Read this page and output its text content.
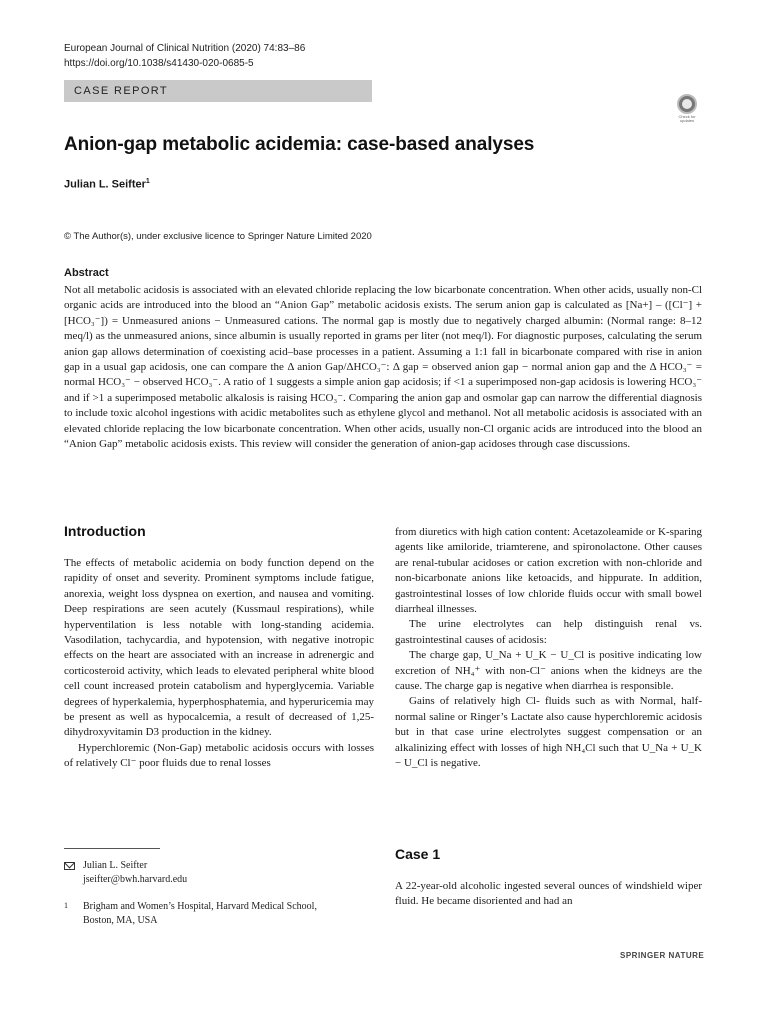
European Journal of Clinical Nutrition (2020) 74:83–86
https://doi.org/10.1038/s41430-020-0685-5
CASE REPORT
Check for updates
Anion-gap metabolic acidemia: case-based analyses
Julian L. Seifter$^1$
© The Author(s), under exclusive licence to Springer Nature Limited 2020
Abstract

Not all metabolic acidosis is associated with an elevated chloride replacing the low bicarbonate concentration. When other acids, usually non-Cl organic acids are introduced into the blood an “Anion Gap” metabolic acidosis exists. The serum anion gap is calculated as [Na+] – ([Cl⁻] + [HCO₃⁻]) = Unmeasured anions − Unmeasured cations. The normal gap is mostly due to negatively charged albumin: (Normal range: 8–12 meq/l) as the unmeasured anions, since albumin is usually reported in grams per liter (not meq/l). For diagnostic purposes, calculating the serum anion gap allows determination of coexisting acid–base processes in a patient. Assuming a 1:1 fall in bicarbonate compared with rise in anion gap in a usual gap acidosis, one can compare the Δ anion Gap/ΔHCO₃⁻: Δ gap = observed anion gap − normal anion gap and the Δ HCO₃⁻ = normal HCO₃⁻ − observed HCO₃⁻. A ratio of 1 suggests a simple anion gap acidosis; if <1 a superimposed non-gap acidosis is lowering HCO₃⁻ and if >1 a superimposed metabolic alkalosis is raising HCO₃⁻. Comparing the anion gap and osmolar gap can narrow the differential diagnosis to include toxic alcohol ingestions with acidic metabolites such as ethylene glycol and methanol. Not all metabolic acidosis is associated with an elevated chloride replacing the low bicarbonate concentration. When other acids, usually non-Cl organic acids are introduced into the blood an “Anion Gap” metabolic acidosis exists. This review will consider the generation of anion-gap acidoses through case discussions.

Introduction

The effects of metabolic acidemia on body function depend on the rapidity of onset and severity. Prominent symptoms include fatigue, anorexia, weight loss dyspnea on exertion, and nausea and vomiting. Deep respirations are seen acutely (Kussmaul respirations), while hyperventilation is less notable with long-standing acidemia. Vasodilation, tachycardia, and hypotension, with negative inotropic effects on the heart are associated with an increase in adrenergic and corticosteroid activity, which leads to elevated peripheral white blood cell count increased protein catabolism and hyperglycemia. Variable degrees of hyperkalemia, hyperphosphatemia, and hyperuricemia may be present as well as hypocalcemia, a result of decreased of 1,25-dihydroxyvitamin D3 production in the kidney.

Hyperchloremic (Non-Gap) metabolic acidosis occurs with losses of relatively Cl⁻ poor fluids due to renal losses

Julian L. Seifter
jseifter@bwh.harvard.edu
1 Brigham and Women’s Hospital, Harvard Medical School,
Boston, MA, USA

from diuretics with high cation content: Acetazoleamide or K-sparing agents like amiloride, triamterene, and spironolactone. Other causes are renal-tubular acidoses or cation excretion with non-chloride and non-bicarbonate anions like ketoacids, and hippurate. In addition, gastrointestinal losses of low chloride fluids occur with small bowel diarrheal illnesses.

The urine electrolytes can help distinguish renal vs. gastrointestinal causes of acidosis:

The charge gap, U_Na + U_K − U_Cl is positive indicating low excretion of NH₄⁺ with non-Cl⁻ anions when the kidneys are the cause. The charge gap is negative when diarrhea is responsible.

Gains of relatively high Cl- fluids such as with Normal, half-normal saline or Ringer’s Lactate also cause hyperchloremic acidosis but in that case urine electrolytes suggest compensation or an alkalinizing effect with losses of high NH₄Cl such that U_Na + U_K − U_Cl is negative.

Case 1

A 22-year-old alcoholic ingested several ounces of windshield wiper fluid. He became disoriented and had an

SPRINGER NATURE
